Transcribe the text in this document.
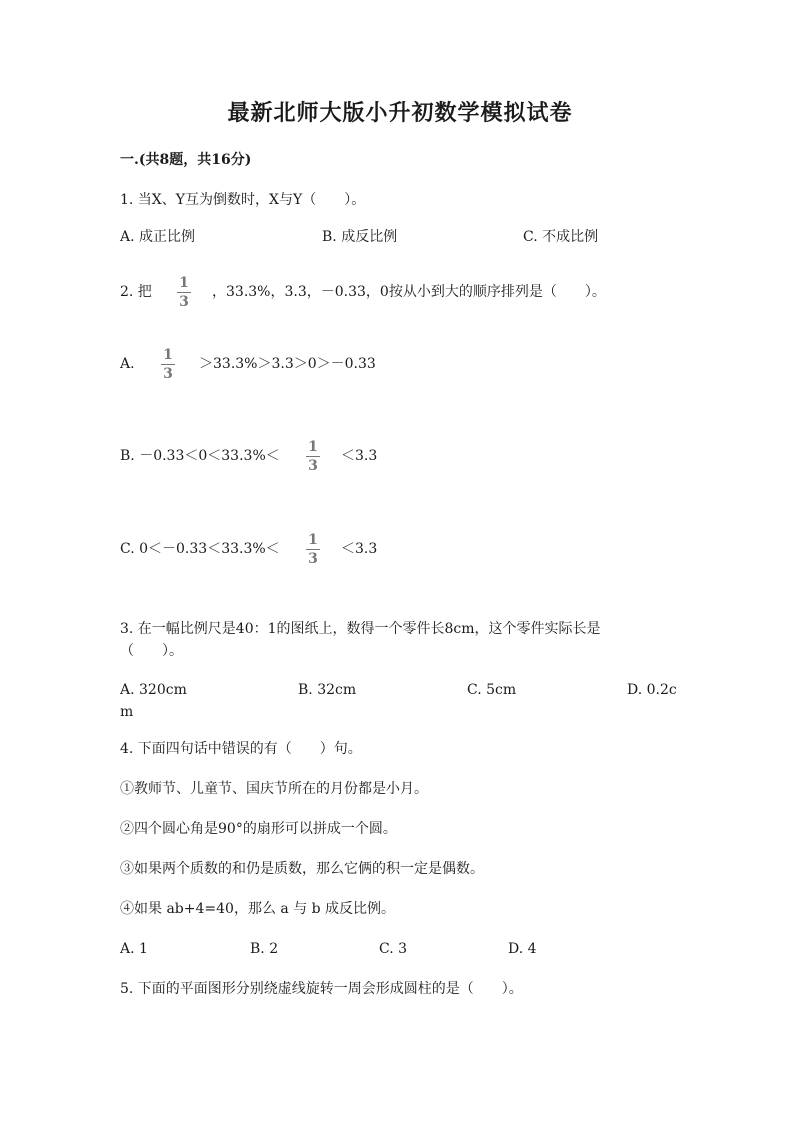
最新北师大版小升初数学模拟试卷
一.(共8题，共16分)
1. 当X、Y互为倒数时，X与Y（　　）。
A. 成正比例	B. 成反比例	C. 不成比例
2. 把
1
3
，33.3%，3.3，－0.33，0按从小到大的顺序排列是（　　）。
A.
1
3
＞33.3%＞3.3＞0＞－0.33
B. －0.33＜0＜33.3%＜
1
3
＜3.3
C. 0＜－0.33＜33.3%＜
1
3
＜3.3
3. 在一幅比例尺是40：1的图纸上，数得一个零件长8cm，这个零件实际长是
（　　）。
A. 320cm	B. 32cm	C. 5cm	D. 0.2c
m
4. 下面四句话中错误的有（　　）句。
①教师节、儿童节、国庆节所在的月份都是小月。
②四个圆心角是90°的扇形可以拼成一个圆。
③如果两个质数的和仍是质数，那么它俩的积一定是偶数。
④如果 ab+4=40，那么 a 与 b 成反比例。
A. 1	B. 2	C. 3	D. 4
5. 下面的平面图形分别绕虚线旋转一周会形成圆柱的是（　　）。
